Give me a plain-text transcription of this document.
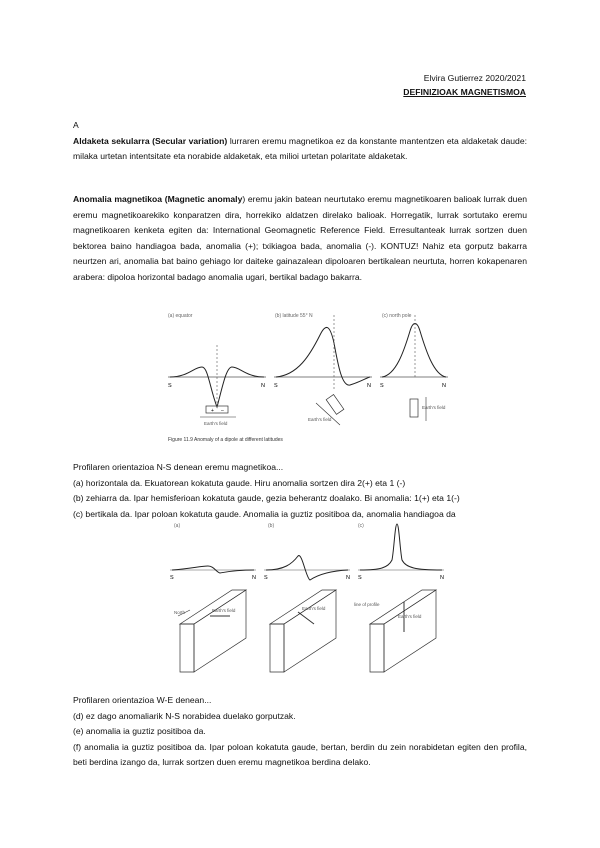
Elvira Gutierrez 2020/2021
DEFINIZIOAK MAGNETISMOA

A

Aldaketa sekularra (Secular variation) lurraren eremu magnetikoa ez da konstante mantentzen eta aldaketak daude: milaka urtetan intentsitate eta norabide aldaketak, eta milioi urtetan polaritate aldaketak.

Anomalia magnetikoa (Magnetic anomaly) eremu jakin batean neurtutako eremu magnetikoaren balioak lurrak duen eremu magnetikoarekiko konparatzen dira, horrekiko aldatzen direlako balioak. Horregatik, lurrak sortutako eremu magnetikoaren kenketa egiten da: International Geomagnetic Reference Field. Erresultanteak lurrak sortzen duen bektorea baino handiagoa bada, anomalia (+); txikiagoa bada, anomalia (-). KONTUZ! Nahiz eta gorputz bakarra neurtzen ari, anomalia bat baino gehiago lor daiteke gainazalean dipoloaren bertikalean neurtuta, horren kokapenaren arabera: dipoloa horizontal badago anomalia ugari, bertikal badago bakarra.

(a) equator	(b) latitude 55° N	(c) north pole
S	N S	N S	N
+ –
Earth's field
Earth's field
Earth's field
Figure 11.9 Anomaly of a dipole at different latitudes

Profilaren orientazioa N-S denean eremu magnetikoa...

(a) horizontala da. Ekuatorean kokatuta gaude. Hiru anomalia sortzen dira 2(+) eta 1 (-)

(b) zehiarra da. Ipar hemisferioan kokatuta gaude, gezia beherantz doalako. Bi anomalia: 1(+) eta 1(-)

(c) bertikala da. Ipar poloan kokatuta gaude. Anomalia ia guztiz positiboa da, anomalia handiagoa da

(a)	(b)	(c)
S	N S	N S	N
North	Earth's field	Earth's field
line of profile
Earth's field

Profilaren orientazioa W-E denean...

(d) ez dago anomaliarik N-S norabidea duelako gorputzak.

(e) anomalia ia guztiz positiboa da.

(f) anomalia ia guztiz positiboa da. Ipar poloan kokatuta gaude, bertan, berdin du zein norabidetan egiten den profila, beti berdina izango da, lurrak sortzen duen eremu magnetikoa berdina delako.
